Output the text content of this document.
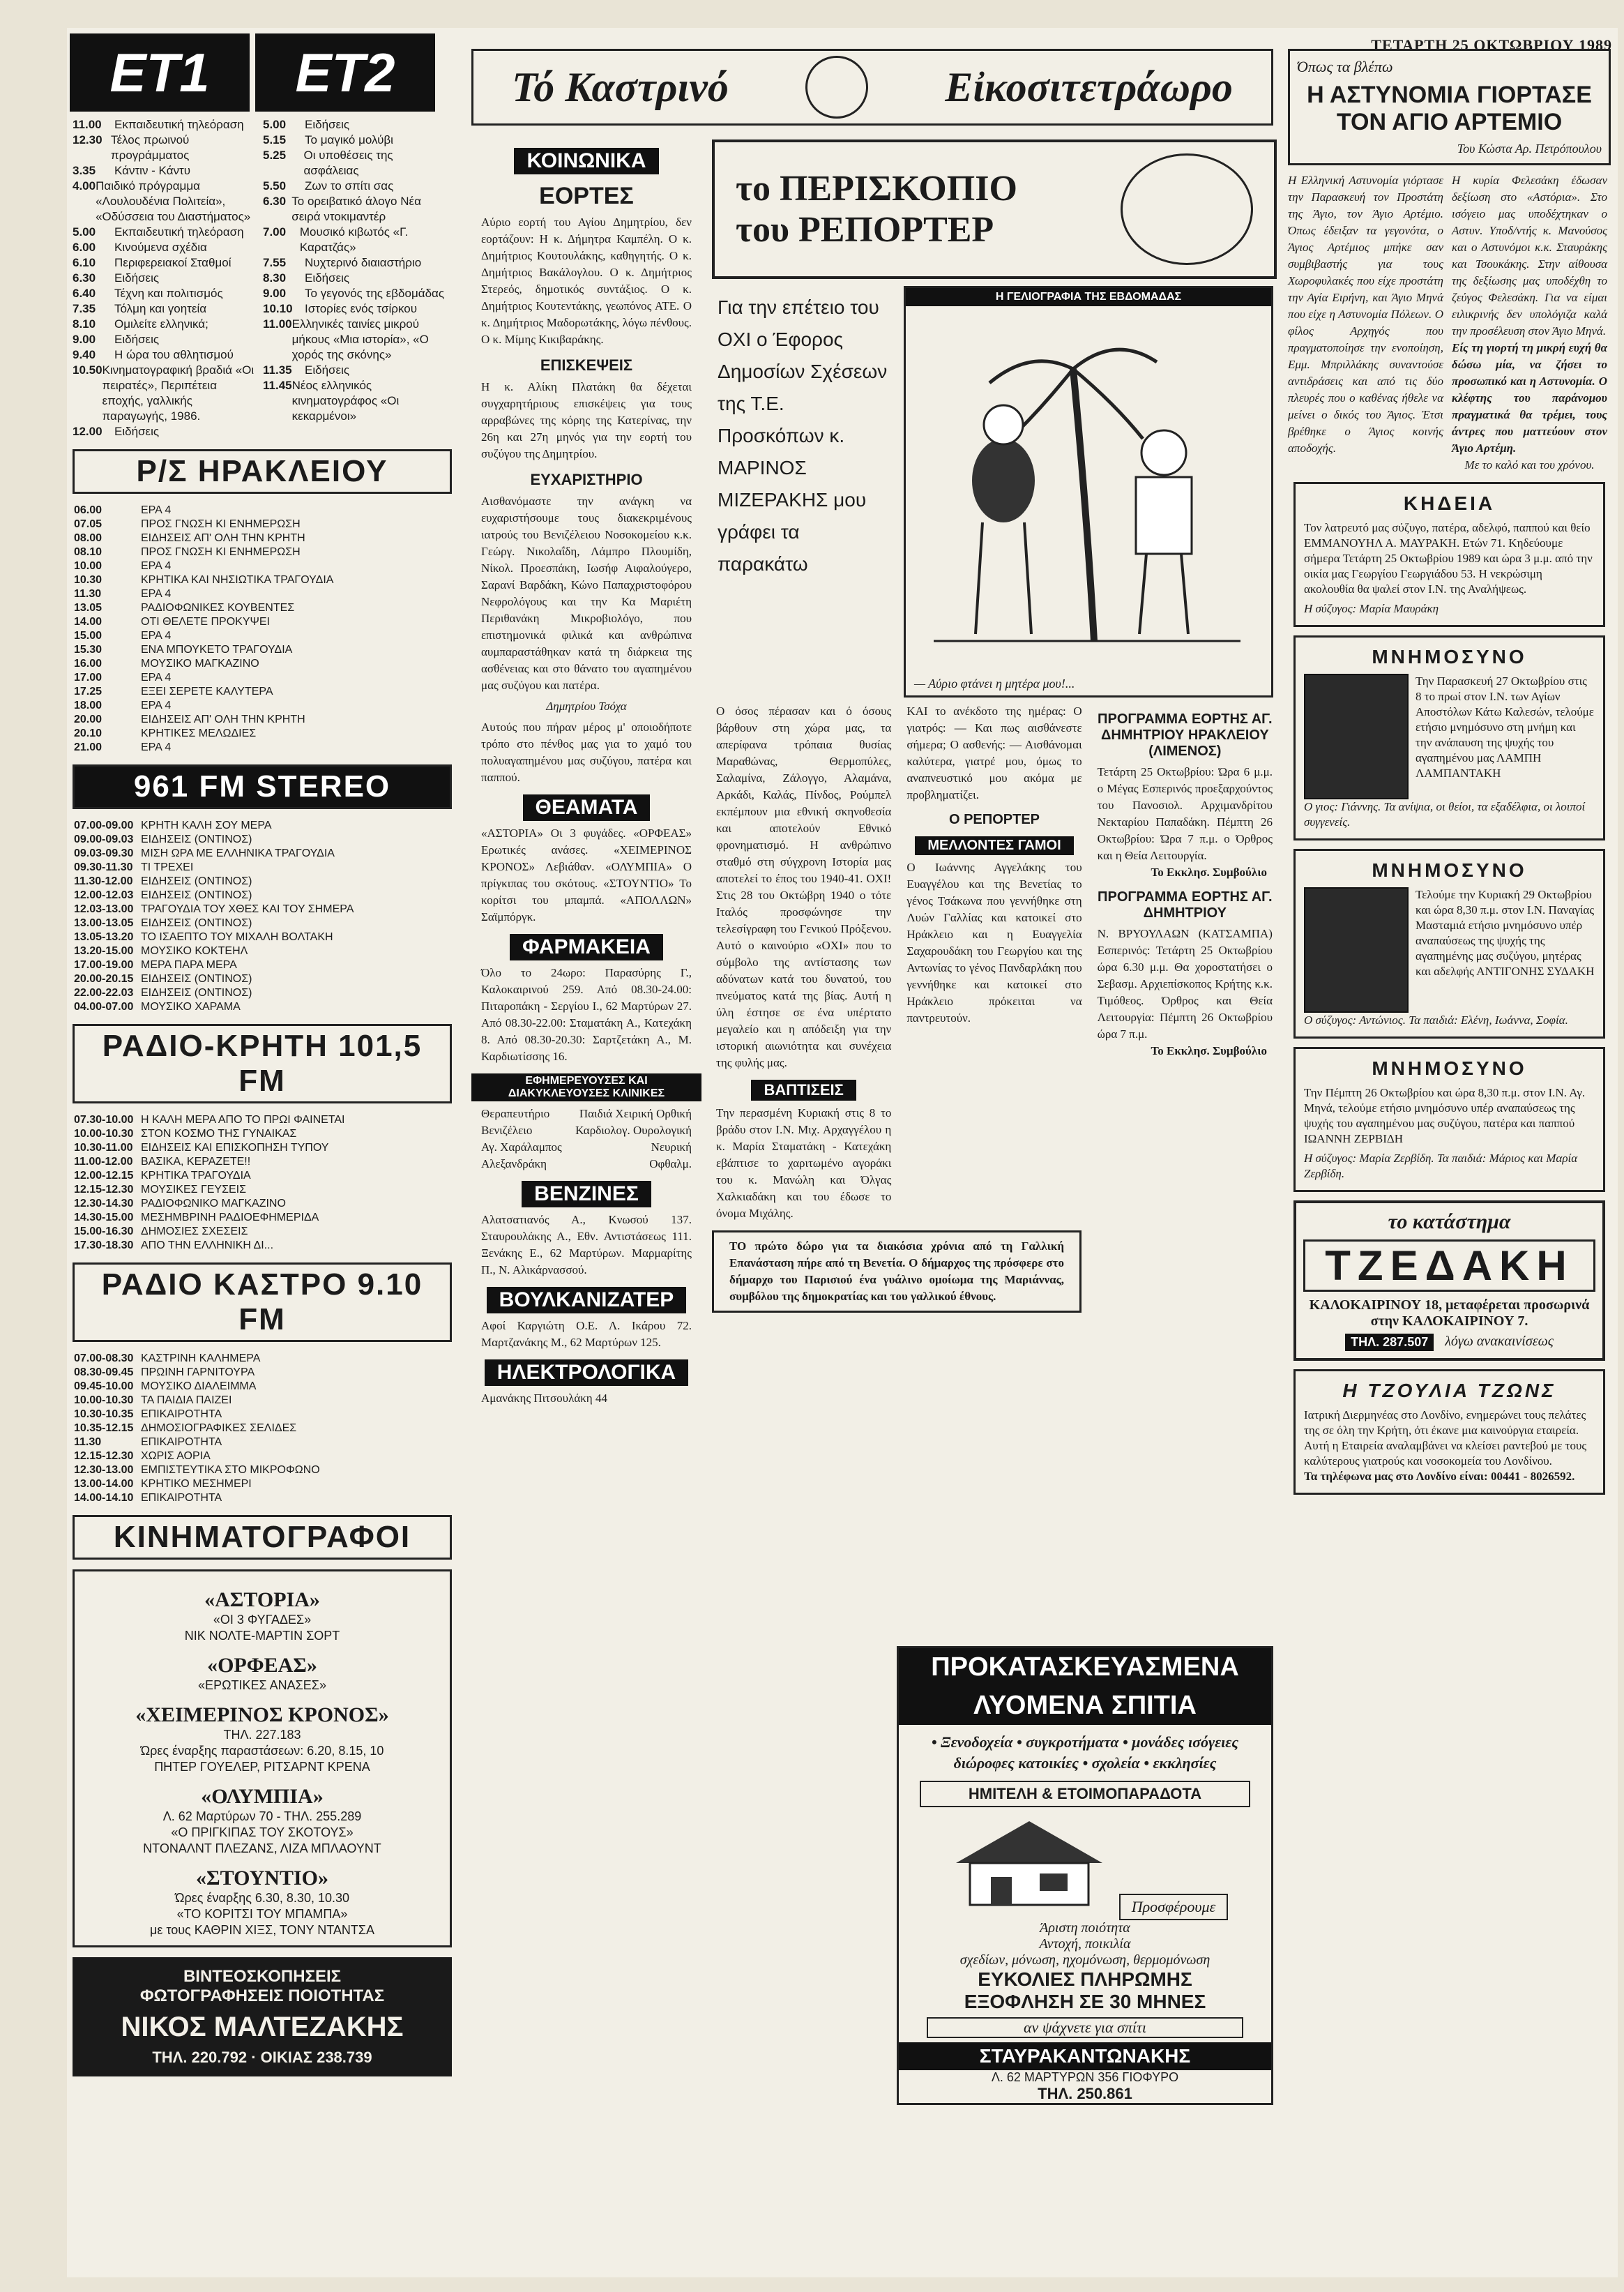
ΤΕΤΑΡΤΗ 25 ΟΚΤΩΒΡΙΟΥ 1989
ET1	ET2
11.00	Εκπαιδευτική τηλεόραση
12.30 Τέλος πρωινού προγράμματος
3.35	Κάντιν - Κάντυ
4.00 Παιδικό πρόγραμμα «Λουλουδένια Πολιτεία», «Οδύσσεια του Διαστήματος»
5.00	Εκπαιδευτική τηλεόραση
6.00	Κινούμενα σχέδια
6.10	Περιφερειακοί Σταθμοί
6.30	Ειδήσεις
6.40	Τέχνη και πολιτισμός
7.35	Τόλμη και γοητεία
8.10	Ομιλείτε ελληνικά;
9.00	Ειδήσεις
9.40	Η ώρα του αθλητισμού
10.50 Κινηματογραφική βραδιά «Οι πειρατές», Περιπέτεια εποχής, γαλλικής παραγωγής, 1986.
12.00	Ειδήσεις
5.00	Ειδήσεις
5.15	Το μαγικό μολύβι
5.25	Οι υποθέσεις της ασφάλειας
5.50	Ζων το σπίτι σας
6.30 Το ορειβατικό άλογο Νέα σειρά ντοκιμαντέρ
7.00	Μουσικό κιβωτός «Γ. Καρατζάς»
7.55	Νυχτερινό διαιαστήριο
8.30	Ειδήσεις
9.00	Το γεγονός της εβδομάδας
10.10	Ιστορίες ενός τσίρκου
11.00 Ελληνικές ταινίες μικρού μήκους «Μια ιστορία», «Ο χορός της σκόνης»
11.35	Ειδήσεις
11.45 Νέος ελληνικός κινηματογράφος «Οι κεκαρμένοι»
Ρ/Σ ΗΡΑΚΛΕΙΟΥ
06.00	ΕΡΑ 4
07.05	ΠΡΟΣ ΓΝΩΣΗ ΚΙ ΕΝΗΜΕΡΩΣΗ
08.00	ΕΙΔΗΣΕΙΣ ΑΠ' ΟΛΗ ΤΗΝ ΚΡΗΤΗ
08.10	ΠΡΟΣ ΓΝΩΣΗ ΚΙ ΕΝΗΜΕΡΩΣΗ
10.00	ΕΡΑ 4
10.30	ΚΡΗΤΙΚΑ ΚΑΙ ΝΗΣΙΩΤΙΚΑ ΤΡΑΓΟΥΔΙΑ
11.30	ΕΡΑ 4
13.05	ΡΑΔΙΟΦΩΝΙΚΕΣ ΚΟΥΒΕΝΤΕΣ
14.00	ΟΤΙ ΘΕΛΕΤΕ ΠΡΟΚΥΨΕΙ
15.00	ΕΡΑ 4
15.30	ΕΝΑ ΜΠΟΥΚΕΤΟ ΤΡΑΓΟΥΔΙΑ
16.00	ΜΟΥΣΙΚΟ ΜΑΓΚΑΖΙΝΟ
17.00	ΕΡΑ 4
17.25	ΕΞΕΙ ΣΕΡΕΤΕ ΚΑΛΥΤΕΡΑ
18.00	ΕΡΑ 4
20.00	ΕΙΔΗΣΕΙΣ ΑΠ' ΟΛΗ ΤΗΝ ΚΡΗΤΗ
20.10	ΚΡΗΤΙΚΕΣ ΜΕΛΩΔΙΕΣ
21.00	ΕΡΑ 4
961 FM STEREO
07.00-09.00 ΚΡΗΤΗ ΚΑΛΗ ΣΟΥ ΜΕΡΑ
09.00-09.03 ΕΙΔΗΣΕΙΣ (ΟΝΤΙΝΟΣ)
09.03-09.30 ΜΙΣΗ ΩΡΑ ΜΕ ΕΛΛΗΝΙΚΑ ΤΡΑΓΟΥΔΙΑ
09.30-11.30 ΤΙ ΤΡΕΧΕΙ
11.30-12.00 ΕΙΔΗΣΕΙΣ (ΟΝΤΙΝΟΣ)
12.00-12.03 ΕΙΔΗΣΕΙΣ (ΟΝΤΙΝΟΣ)
12.03-13.00 ΤΡΑΓΟΥΔΙΑ ΤΟΥ ΧΘΕΣ ΚΑΙ ΤΟΥ ΣΗΜΕΡΑ
13.00-13.05 ΕΙΔΗΣΕΙΣ (ΟΝΤΙΝΟΣ)
13.05-13.20 ΤΟ ΙΣΑΕΠΤΟ ΤΟΥ ΜΙΧΑΛΗ ΒΟΛΤΑΚΗ
13.20-15.00 ΜΟΥΣΙΚΟ ΚΟΚΤΕΗΛ
17.00-19.00 ΜΕΡΑ ΠΑΡΑ ΜΕΡΑ
20.00-20.15 ΕΙΔΗΣΕΙΣ (ΟΝΤΙΝΟΣ)
22.00-22.03 ΕΙΔΗΣΕΙΣ (ΟΝΤΙΝΟΣ)
04.00-07.00 ΜΟΥΣΙΚΟ ΧΑΡΑΜΑ
ΡΑΔΙΟ-ΚΡΗΤΗ 101,5 FM
07.30-10.00 Η ΚΑΛΗ ΜΕΡΑ ΑΠΟ ΤΟ ΠΡΩΙ ΦΑΙΝΕΤΑΙ
10.00-10.30 ΣΤΟΝ ΚΟΣΜΟ ΤΗΣ ΓΥΝΑΙΚΑΣ
10.30-11.00 ΕΙΔΗΣΕΙΣ ΚΑΙ ΕΠΙΣΚΟΠΗΣΗ ΤΥΠΟΥ
11.00-12.00 ΒΑΣΙΚΑ, ΚΕΡΑΖΕΤΕ!!
12.00-12.15 ΚΡΗΤΙΚΑ ΤΡΑΓΟΥΔΙΑ
12.15-12.30 ΜΟΥΣΙΚΕΣ ΓΕΥΣΕΙΣ
12.30-14.30 ΡΑΔΙΟΦΩΝΙΚΟ ΜΑΓΚΑΖΙΝΟ
14.30-15.00 ΜΕΣΗΜΒΡΙΝΗ ΡΑΔΙΟΕΦΗΜΕΡΙΔΑ
15.00-16.30 ΔΗΜΟΣΙΕΣ ΣΧΕΣΕΙΣ
17.30-18.30 ΑΠΟ ΤΗΝ ΕΛΛΗΝΙΚΗ ΔΙ...
ΡΑΔΙΟ ΚΑΣΤΡΟ 9.10 FM
07.00-08.30 ΚΑΣΤΡΙΝΗ ΚΑΛΗΜΕΡΑ
08.30-09.45 ΠΡΩΙΝΗ ΓΑΡΝΙΤΟΥΡΑ
09.45-10.00 ΜΟΥΣΙΚΟ ΔΙΑΛΕΙΜΜΑ
10.00-10.30 ΤΑ ΠΑΙΔΙΑ ΠΑΙΖΕΙ
10.30-10.35 ΕΠΙΚΑΙΡΟΤΗΤΑ
10.35-12.15 ΔΗΜΟΣΙΟΓΡΑΦΙΚΕΣ ΣΕΛΙΔΕΣ
11.30	ΕΠΙΚΑΙΡΟΤΗΤΑ
12.15-12.30 ΧΩΡΙΣ ΑΟΡΙΑ
12.30-13.00 ΕΜΠΙΣΤΕΥΤΙΚΑ ΣΤΟ ΜΙΚΡΟΦΩΝΟ
13.00-14.00 ΚΡΗΤΙΚΟ ΜΕΣΗΜΕΡΙ
14.00-14.10 ΕΠΙΚΑΙΡΟΤΗΤΑ
ΚΙΝΗΜΑΤΟΓΡΑΦΟΙ
«ΑΣΤΟΡΙΑ»
«ΟΙ 3 ΦΥΓΑΔΕΣ»
ΝΙΚ ΝΟΛΤΕ-ΜΑΡΤΙΝ ΣΟΡΤ
«ΟΡΦΕΑΣ»
«ΕΡΩΤΙΚΕΣ ΑΝΑΣΕΣ»
«ΧΕΙΜΕΡΙΝΟΣ ΚΡΟΝΟΣ»
ΤΗΛ. 227.183
Ώρες έναρξης παραστάσεων: 6.20, 8.15, 10
ΠΗΤΕΡ ΓΟΥΕΛΕΡ, ΡΙΤΣΑΡΝΤ ΚΡΕΝΑ
«ΟΛΥΜΠΙΑ»
Λ. 62 Μαρτύρων 70 - ΤΗΛ. 255.289
«Ο ΠΡΙΓΚΙΠΑΣ ΤΟΥ ΣΚΟΤΟΥΣ»
ΝΤΟΝΑΛΝΤ ΠΛΕΖΑΝΣ, ΛΙΖΑ ΜΠΛΑΟΥΝΤ
«ΣΤΟΥΝΤΙΟ»
Ώρες έναρξης 6.30, 8.30, 10.30
«ΤΟ ΚΟΡΙΤΣΙ ΤΟΥ ΜΠΑΜΠΑ»
με τους ΚΑΘΡΙΝ ΧΙΞΣ, ΤΟΝΥ ΝΤΑΝΤΣΑ
ΒΙΝΤΕΟΣΚΟΠΗΣΕΙΣ
ΦΩΤΟΓΡΑΦΗΣΕΙΣ ΠΟΙΟΤΗΤΑΣ
ΝΙΚΟΣ ΜΑΛΤΕΖΑΚΗΣ
ΤΗΛ. 220.792 · ΟΙΚΙΑΣ 238.739
Τό Καστρινό	Εἰκοσιτετράωρο
ΚΟΙΝΩΝΙΚΑ
ΕΟΡΤΕΣ
Αύριο εορτή του Αγίου Δημητρίου, δεν εορτάζουν: Η κ. Δήμητρα Καμπέλη. Ο κ. Δημήτριος Κουτουλάκης, καθηγητής. Ο κ. Δημήτριος Βακάλογλου. Ο κ. Δημήτριος Στερεός, δημοτικός συντάξιος. Ο κ. Δημήτριος Κουτεντάκης, γεωπόνος ΑΤΕ. Ο κ. Δημήτριος Μαδορωτάκης, λόγω πένθους. Ο κ. Μίμης Κικιβαράκης.
ΕΠΙΣΚΕΨΕΙΣ
Η κ. Αλίκη Πλατάκη θα δέχεται συγχαρητήριους επισκέψεις για τους αρραβώνες της κόρης της Κατερίνας, την 26η και 27η μηνός για την εορτή του συζύγου της Δημητρίου.
ΕΥΧΑΡΙΣΤΗΡΙΟ
Αισθανόμαστε την ανάγκη να ευχαριστήσουμε τους διακεκριμένους ιατρούς του Βενιζέλειου Νοσοκομείου κ.κ. Γεώργ. Νικολαΐδη, Λάμπρο Πλουμίδη, Νίκολ. Προεσπάκη, Ιωσήφ Αιφαλούγερο, Σαρανί Βαρδάκη, Κώνο Παπαχριστοφόρου Νεφρολόγους και την Κα Μαριέτη Περιθανάκη Μικροβιολόγο, που επιστημονικά φιλικά και ανθρώπινα αυμπαραστάθηκαν κατά τη διάρκεια της ασθένειας και στο θάνατο του αγαπημένου μας συζύγου και πατέρα.
Δημητρίου Τσόχα
Αυτούς που πήραν μέρος μ' οποιοδήποτε τρόπο στο πένθος μας για το χαμό του πολυαγαπημένου μας συζύγου, πατέρα και παππού.
ΘΕΑΜΑΤΑ
«ΑΣΤΟΡΙΑ» Οι 3 φυγάδες. «ΟΡΦΕΑΣ» Ερωτικές ανάσες. «ΧΕΙΜΕΡΙΝΟΣ ΚΡΟΝΟΣ» Λεβιάθαν. «ΟΛΥΜΠΙΑ» Ο πρίγκιπας του σκότους. «ΣΤΟΥΝΤΙΟ» Το κορίτσι του μπαμπά. «ΑΠΟΛΛΩΝ» Σαϊμπόργκ.
ΦΑΡΜΑΚΕΙΑ
Όλο το 24ωρο: Παρασύρης Γ., Καλοκαιρινού 259. Από 08.30-24.00: Πιταροπάκη - Σεργίου Ι., 62 Μαρτύρων 27. Από 08.30-22.00: Σταματάκη Α., Κατεχάκη 8. Από 08.30-20.30: Σαρτζετάκη Α., Μ. Καρδιωτίσσης 16.
ΕΦΗΜΕΡΕΥΟΥΣΕΣ ΚΑΙ ΔΙΑΚΥΚΛΕΥΟΥΣΕΣ ΚΛΙΝΙΚΕΣ
Θεραπευτήριο	Παιδιά Χειρική Ορθική
Βενιζέλειο	Καρδιολογ. Ουρολογική
Αγ. Χαράλαμπος	Νευρική
Αλεξανδράκη	Οφθαλμ.
ΒΕΝΖΙΝΕΣ
Αλατσατιανός Α., Κνωσού 137. Σταυρουλάκης Α., Εθν. Αντιστάσεως 111. Ξενάκης Ε., 62 Μαρτύρων. Μαρμαρίτης Π., Ν. Αλικάρνασσού.
ΒΟΥΛΚΑΝΙΖΑΤΕΡ
Αφοί Καργιώτη Ο.Ε. Λ. Ικάρου 72. Μαρτζανάκης Μ., 62 Μαρτύρων 125.
ΗΛΕΚΤΡΟΛΟΓΙΚΑ
Αμανάκης Πιτσουλάκη 44
το ΠΕΡΙΣΚΟΠΙΟ
του ΡΕΠΟΡΤΕΡ
Για την επέτειο του ΟΧΙ ο Έφορος Δημοσίων Σχέσεων της Τ.Ε. Προσκόπων κ. ΜΑΡΙΝΟΣ ΜΙΖΕΡΑΚΗΣ μου γράφει τα παρακάτω
Η ΓΕΛΙΟΓΡΑΦΙΑ ΤΗΣ ΕΒΔΟΜΑΔΑΣ
— Αύριο φτάνει η μητέρα μου!...
Ο όσος πέρασαν και ό όσους βάρθουν στη χώρα μας, τα απερίφανα τρόπαια θυσίας Μαραθώνας, Θερμοπύλες, Σαλαμίνα, Ζάλογγο, Αλαμάνα, Αρκάδι, Καλάς, Πίνδος, Ρούμπελ εκπέμπουν μια εθνική σκηνοθεσία και αποτελούν Εθνικό φρονηματισμό. Η ανθρώπινο σταθμό στη σύγχρονη Ιστορία μας αποτελεί το έπος του 1940-41. ΟΧΙ! Στις 28 του Οκτώβρη 1940 ο τότε Ιταλός προσφώνησε την τελεσίγραφη του Γενικού Πρόξενου. Αυτό ο καινούριο «ΟΧΙ» που το σύμβολο της αντίστασης των αδύνατων κατά του δυνατού, του πνεύματος κατά της βίας. Αυτή η ύλη έστησε σε ένα υπέρτατο μεγαλείο και η απόδειξη για την ιστορική αιωνιότητα και συνέχεια της φυλής μας.
ΒΑΠΤΙΣΕΙΣ
Την περασμένη Κυριακή στις 8 το βράδυ στον Ι.Ν. Μιχ. Αρχαγγέλου η κ. Μαρία Σταματάκη - Κατεχάκη εβάπτισε το χαριτωμένο αγοράκι του κ. Μανώλη και Όλγας Χαλκιαδάκη και του έδωσε το όνομα Μιχάλης.
ΚΑΙ το ανέκδοτο της ημέρας: Ο γιατρός: — Και πως αισθάνεστε σήμερα; Ο ασθενής: — Αισθάνομαι καλύτερα, γιατρέ μου, όμως το αναπνευστικό μου ακόμα με προβληματίζει.
Ο ΡΕΠΟΡΤΕΡ
ΜΕΛΛΟΝΤΕΣ ΓΑΜΟΙ
Ο Ιωάννης Αγγελάκης του Ευαγγέλου και της Βενετίας το γένος Τσάκωνα που γεννήθηκε στη Λυών Γαλλίας και κατοικεί στο Ηράκλειο και η Ευαγγελία Σαχαρουδάκη του Γεωργίου και της Αντωνίας το γένος Πανδαρλάκη που γεννήθηκε και κατοικεί στο Ηράκλειο πρόκειται να παντρευτούν.
ΠΡΟΓΡΑΜΜΑ ΕΟΡΤΗΣ ΑΓ. ΔΗΜΗΤΡΙΟΥ ΗΡΑΚΛΕΙΟΥ (ΛΙΜΕΝΟΣ)
Τετάρτη 25 Οκτωβρίου: Ώρα 6 μ.μ. ο Μέγας Εσπερινός προεξαρχούντος του Πανοσιολ. Αρχιμανδρίτου Νεκταρίου Παπαδάκη. Πέμπτη 26 Οκτωβρίου: Ώρα 7 π.μ. ο Όρθρος και η Θεία Λειτουργία.
Το Εκκλησ. Συμβούλιο
ΠΡΟΓΡΑΜΜΑ ΕΟΡΤΗΣ ΑΓ. ΔΗΜΗΤΡΙΟΥ
Ν. ΒΡΥΟΥΛΑΩΝ (ΚΑΤΣΑΜΠΑ) Εσπερινός: Τετάρτη 25 Οκτωβρίου ώρα 6.30 μ.μ. Θα χοροστατήσει ο Σεβασμ. Αρχιεπίσκοπος Κρήτης κ.κ. Τιμόθεος. Όρθρος και Θεία Λειτουργία: Πέμπτη 26 Οκτωβρίου ώρα 7 π.μ.
Το Εκκλησ. Συμβούλιο
ΤΟ πρώτο δώρο για τα διακόσια χρόνια από τη Γαλλική Επανάσταση πήρε από τη Βενετία. Ο δήμαρχος της πρόσφερε στο δήμαρχο του Παρισιού ένα γυάλινο ομοίωμα της Μαριάννας, συμβόλου της δημοκρατίας και του γαλλικού έθνους.
ΠΡΟΚΑΤΑΣΚΕΥΑΣΜΕΝΑ
ΛΥΟΜΕΝΑ ΣΠΙΤΙΑ
• Ξενοδοχεία • συγκροτήματα • μονάδες ισόγειες διώροφες κατοικίες • σχολεία • εκκλησίες
ΗΜΙΤΕΛΗ & ΕΤΟΙΜΟΠΑΡΑΔΟΤΑ
Προσφέρουμε
Άριστη ποιότητα
Αντοχή, ποικιλία
σχεδίων, μόνωση, ηχομόνωση, θερμομόνωση
ΕΥΚΟΛΙΕΣ ΠΛΗΡΩΜΗΣ
ΕΞΟΦΛΗΣΗ ΣΕ 30 ΜΗΝΕΣ
αν ψάχνετε για σπίτι
ΣΤΑΥΡΑΚΑΝΤΩΝΑΚΗΣ
Λ. 62 ΜΑΡΤΥΡΩΝ 356 ΓΙΟΦΥΡΟ
ΤΗΛ. 250.861
Όπως τα βλέπω
Η ΑΣΤΥΝΟΜΙΑ ΓΙΟΡΤΑΣΕ ΤΟΝ ΑΓΙΟ ΑΡΤΕΜΙΟ
Του Κώστα Αρ. Πετρόπουλου
Η Ελληνική Αστυνομία γιόρτασε την Παρασκευή τον Προστάτη της Άγιο, τον Άγιο Αρτέμιο. Όπως έδειξαν τα γεγονότα, ο Άγιος Αρτέμιος μπήκε σαν συμβιβαστής για τους Χωροφυλακές που είχε προστάτη την Αγία Ειρήνη, και Άγιο Μηνά που είχε η Αστυνομία Πόλεων. Ο φίλος Αρχηγός που πραγματοποίησε την ενοποίηση, Εμμ. Μπριλλάκης συναντούσε αντιδράσεις και από τις δύο πλευρές που ο καθένας ήθελε να μείνει ο δικός του Άγιος. Έτσι βρέθηκε ο Άγιος κοινής αποδοχής.
Η κυρία Φελεσάκη έδωσαν δεξίωση στο «Αστόρια». Στο ισόγειο μας υποδέχτηκαν ο Αστυν. Υποδ/ντής κ. Μανούσος και ο Αστυνόμοι κ.κ. Σταυράκης και Τσουκάκης. Στην αίθουσα της δεξίωσης μας υποδέχθη το ζεύγος Φελεσάκη. Για να είμαι ειλικρινής δεν υπολόγιζα καλά την προσέλευση στον Άγιο Μηνά.
Είς τη γιορτή τη μικρή ευχή θα δώσω μία, να ζήσει το προσωπικό και η Αστυνομία. Ο κλέφτης του παράνομου πραγματικά θα τρέμει, τους άντρες που ματτεύουν στον Άγιο Αρτέμη.
Με το καλό και του χρόνου.
ΚΗΔΕΙΑ

Τον λατρευτό μας σύζυγο, πατέρα, αδελφό, παππού και θείο ΕΜΜΑΝΟΥΗΛ Α. ΜΑΥΡΑΚΗ. Ετών 71. Κηδεύουμε σήμερα Τετάρτη 25 Οκτωβρίου 1989 και ώρα 3 μ.μ. από την οικία μας Γεωργίου Γεωργιάδου 53. Η νεκρώσιμη ακολουθία θα ψαλεί στον Ι.Ν. της Αναλήψεως.

Η σύζυγος: Μαρία Μαυράκη

ΜΝΗΜΟΣΥΝΟ

Την Παρασκευή 27 Οκτωβρίου στις 8 το πρωί στον Ι.Ν. των Αγίων Αποστόλων Κάτω Καλεσών, τελούμε ετήσιο μνημόσυνο στη μνήμη και την ανάπαυση της ψυχής του αγαπημένου μας ΛΑΜΠΗ ΛΑΜΠΑΝΤΑΚΗ

Ο γιος: Γιάννης. Τα ανίψια, οι θείοι, τα εξαδέλφια, οι λοιποί συγγενείς.

ΜΝΗΜΟΣΥΝΟ

Τελούμε την Κυριακή 29 Οκτωβρίου και ώρα 8,30 π.μ. στον Ι.Ν. Παναγίας Μασταμιά ετήσιο μνημόσυνο υπέρ αναπαύσεως της ψυχής της αγαπημένης μας συζύγου, μητέρας και αδελφής ΑΝΤΙΓΟΝΗΣ ΣΥΔΑΚΗ

Ο σύζυγος: Αντώνιος. Τα παιδιά: Ελένη, Ιωάννα, Σοφία.

ΜΝΗΜΟΣΥΝΟ

Την Πέμπτη 26 Οκτωβρίου και ώρα 8,30 π.μ. στον Ι.Ν. Αγ. Μηνά, τελούμε ετήσιο μνημόσυνο υπέρ αναπαύσεως της ψυχής του αγαπημένου μας συζύγου, πατέρα και παππού ΙΩΑΝΝΗ ΖΕΡΒΙΔΗ

Η σύζυγος: Μαρία Ζερβίδη. Τα παιδιά: Μάριος και Μαρία Ζερβίδη.

το κατάστημα
ΤΖΕΔΑΚΗ
ΚΑΛΟΚΑΙΡΙΝΟΥ 18, μεταφέρεται προσωρινά στην ΚΑΛΟΚΑΙΡΙΝΟΥ 7.
ΤΗΛ. 287.507	λόγω ανακαινίσεως
Η ΤΖΟΥΛΙΑ ΤΖΩΝΣ

Ιατρική Διερμηνέας στο Λονδίνο, ενημερώνει τους πελάτες της σε όλη την Κρήτη, ότι έκανε μια καινούργια εταιρεία. Αυτή η Εταιρεία αναλαμβάνει να κλείσει ραντεβού με τους καλύτερους γιατρούς και νοσοκομεία του Λονδίνου.

Τα τηλέφωνα μας στο Λονδίνο είναι: 00441 - 8026592.
